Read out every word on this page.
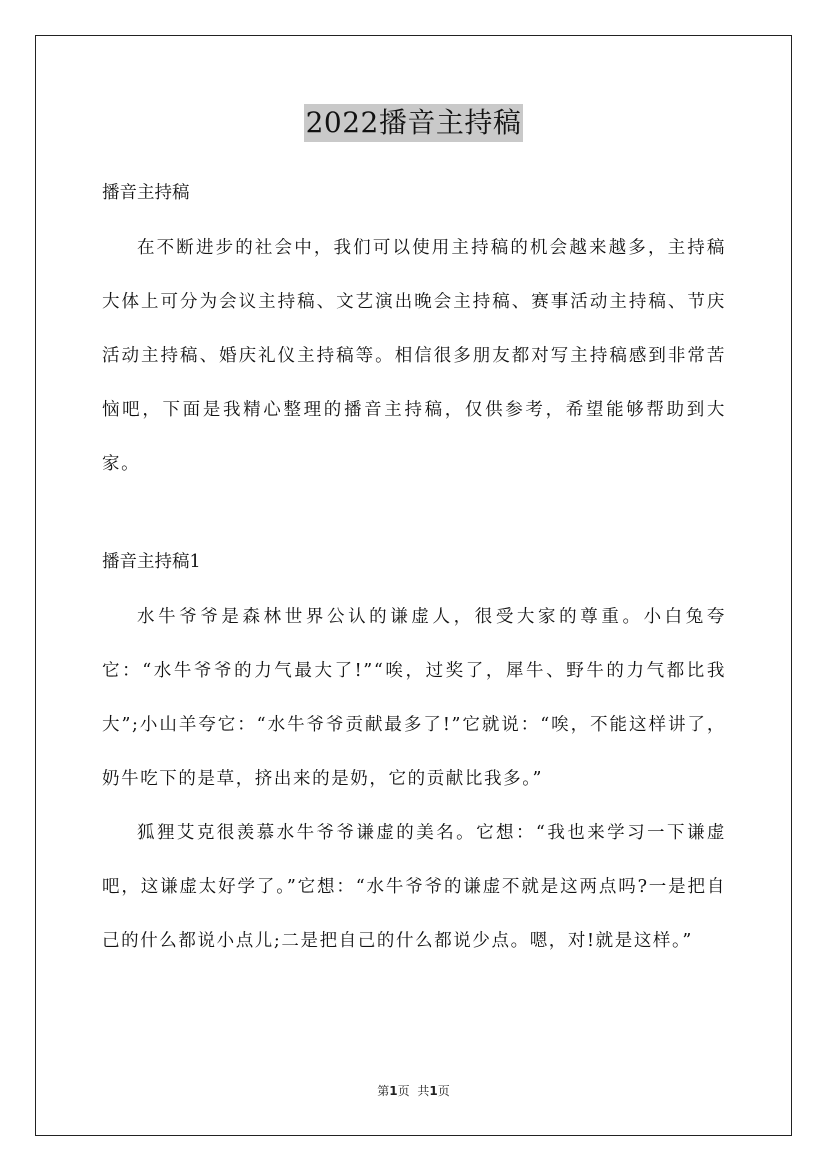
2022播音主持稿

播音主持稿

在不断进步的社会中，我们可以使用主持稿的机会越来越多，主持稿大体上可分为会议主持稿、文艺演出晚会主持稿、赛事活动主持稿、节庆活动主持稿、婚庆礼仪主持稿等。相信很多朋友都对写主持稿感到非常苦恼吧，下面是我精心整理的播音主持稿，仅供参考，希望能够帮助到大家。

播音主持稿1

水牛爷爷是森林世界公认的谦虚人，很受大家的尊重。小白兔夸它：“水牛爷爷的力气最大了!”“唉，过奖了，犀牛、野牛的力气都比我大”;小山羊夸它：“水牛爷爷贡献最多了!”它就说：“唉，不能这样讲了，奶牛吃下的是草，挤出来的是奶，它的贡献比我多。”

狐狸艾克很羡慕水牛爷爷谦虚的美名。它想：“我也来学习一下谦虚吧，这谦虚太好学了。”它想：“水牛爷爷的谦虚不就是这两点吗?一是把自己的什么都说小点儿;二是把自己的什么都说少点。嗯，对!就是这样。”

第1页 共1页
